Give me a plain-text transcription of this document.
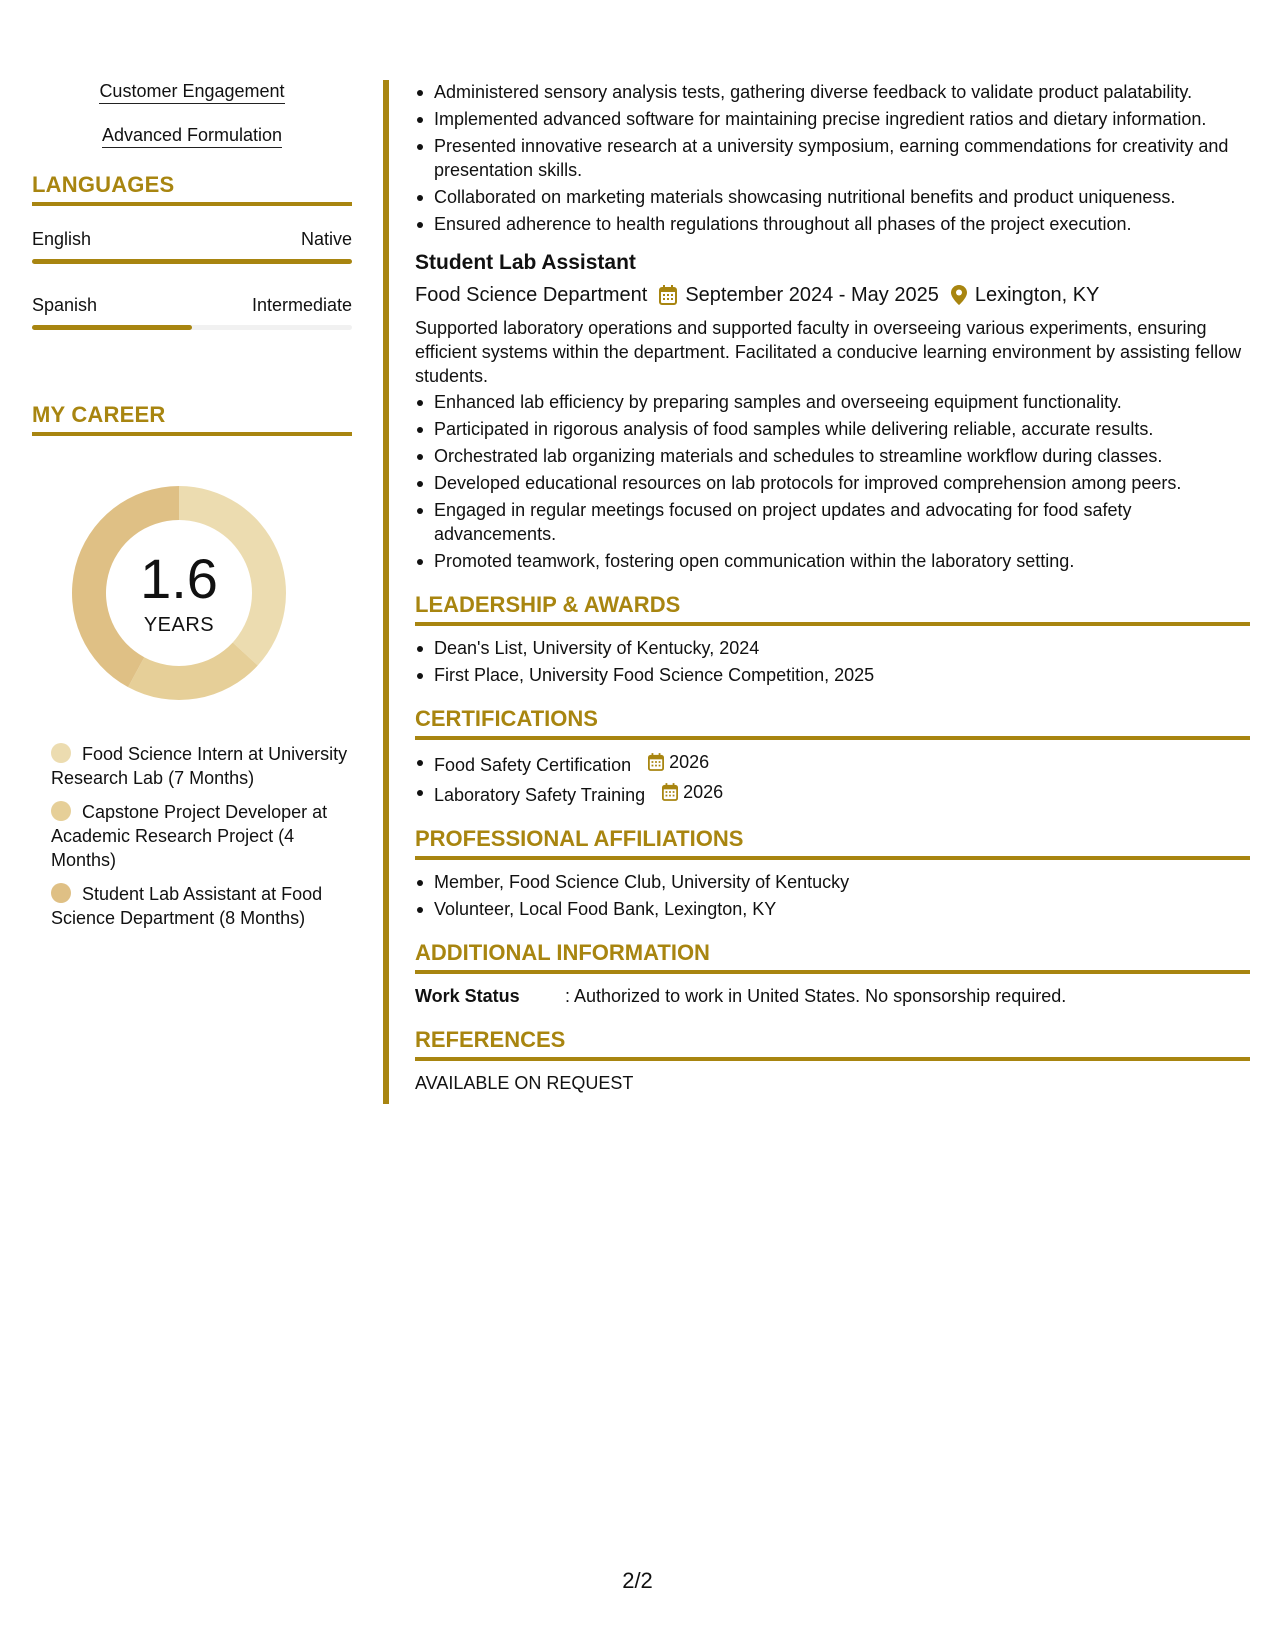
Customer Engagement
Advanced Formulation
LANGUAGES
English	Native
Spanish	Intermediate
MY CAREER
1.6
YEARS
Food Science Intern at University Research Lab (7 Months)
Capstone Project Developer at Academic Research Project (4 Months)
Student Lab Assistant at Food Science Department (8 Months)
Administered sensory analysis tests, gathering diverse feedback to validate product palatability.
Implemented advanced software for maintaining precise ingredient ratios and dietary information.
Presented innovative research at a university symposium, earning commendations for creativity and presentation skills.
Collaborated on marketing materials showcasing nutritional benefits and product uniqueness.
Ensured adherence to health regulations throughout all phases of the project execution.
Student Lab Assistant
Food Science Department September 2024 - May 2025 Lexington, KY
Supported laboratory operations and supported faculty in overseeing various experiments, ensuring efficient systems within the department. Facilitated a conducive learning environment by assisting fellow students.
Enhanced lab efficiency by preparing samples and overseeing equipment functionality.
Participated in rigorous analysis of food samples while delivering reliable, accurate results.
Orchestrated lab organizing materials and schedules to streamline workflow during classes.
Developed educational resources on lab protocols for improved comprehension among peers.
Engaged in regular meetings focused on project updates and advocating for food safety advancements.
Promoted teamwork, fostering open communication within the laboratory setting.
LEADERSHIP & AWARDS
Dean's List, University of Kentucky, 2024
First Place, University Food Science Competition, 2025
CERTIFICATIONS
Food Safety Certification 2026
Laboratory Safety Training 2026
PROFESSIONAL AFFILIATIONS
Member, Food Science Club, University of Kentucky
Volunteer, Local Food Bank, Lexington, KY
ADDITIONAL INFORMATION
Work Status	: Authorized to work in United States. No sponsorship required.
REFERENCES
AVAILABLE ON REQUEST
2/2
